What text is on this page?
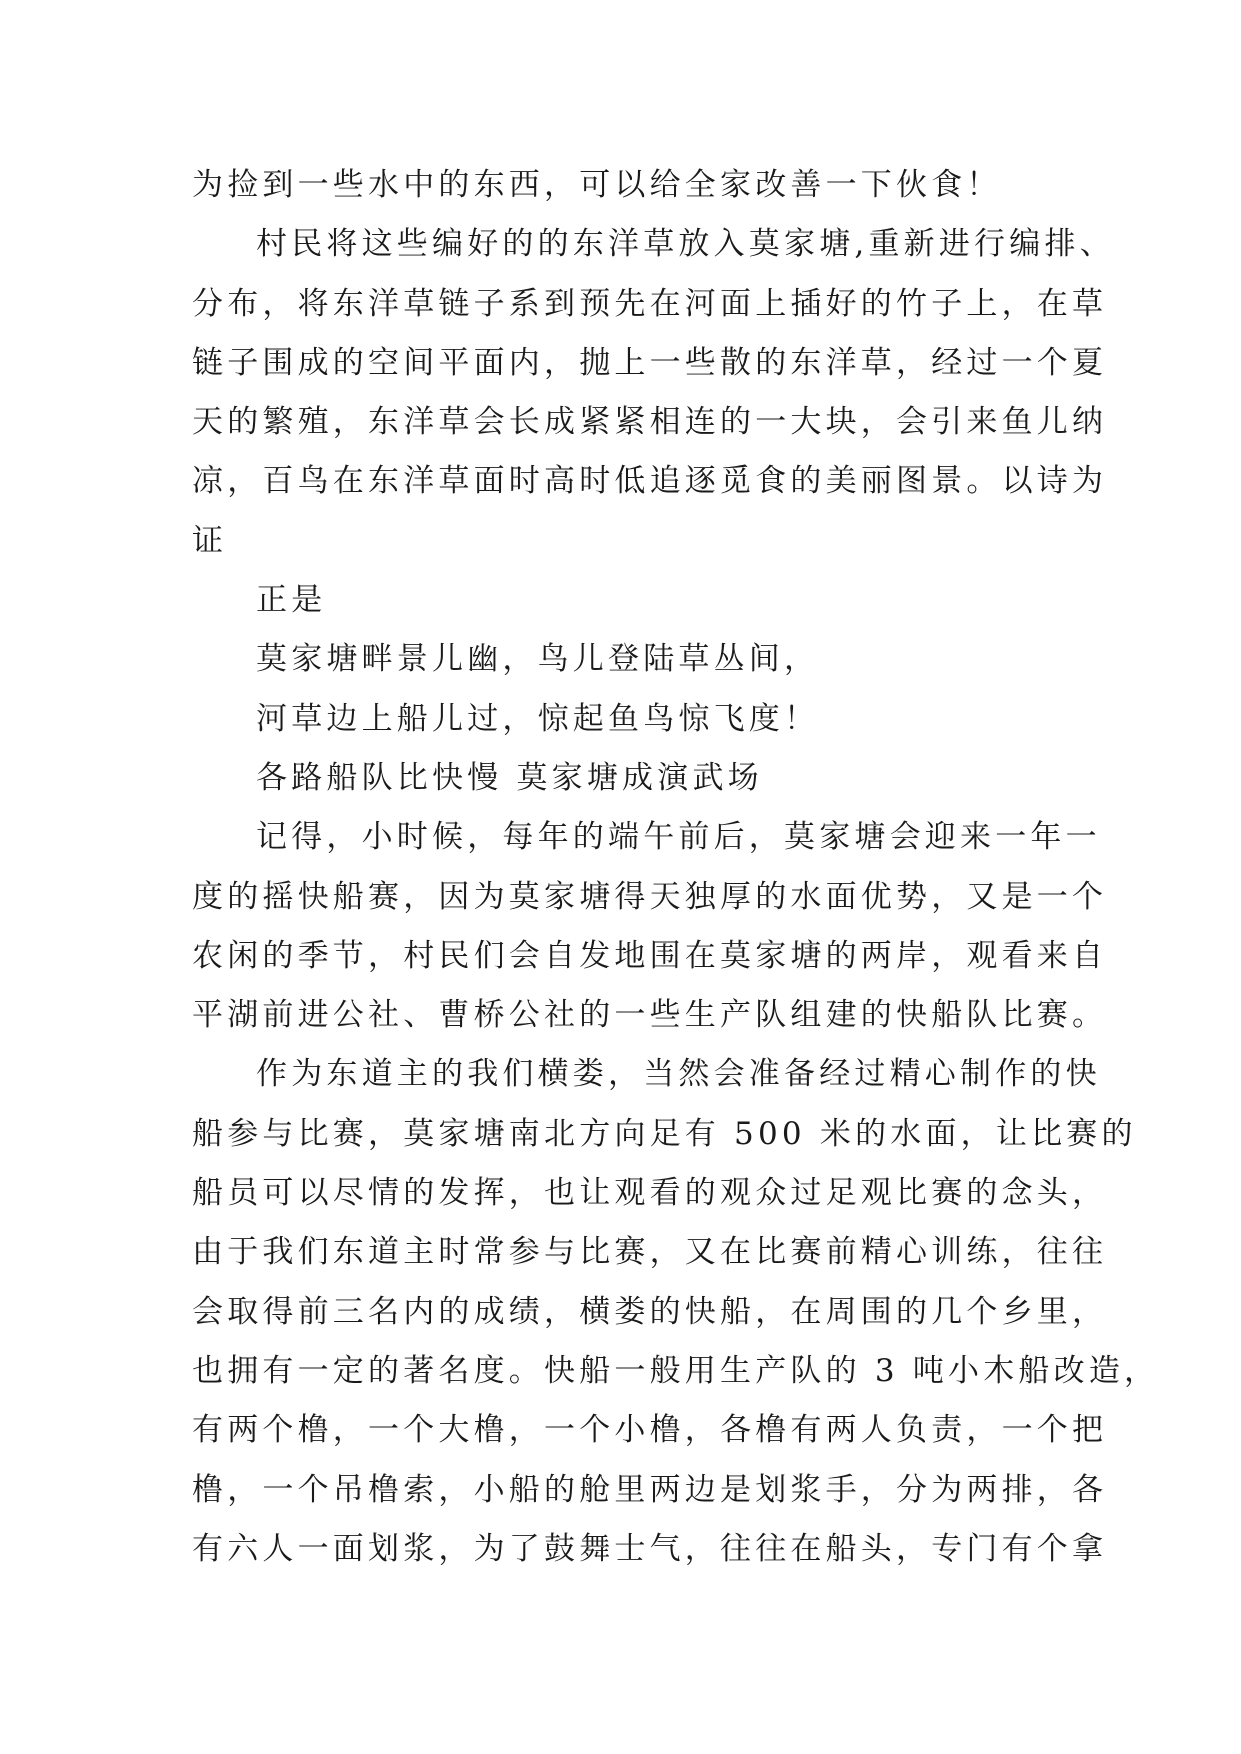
为捡到一些水中的东西，可以给全家改善一下伙食！

村民将这些编好的的东洋草放入莫家塘,重新进行编排、

分布，将东洋草链子系到预先在河面上插好的竹子上，在草

链子围成的空间平面内，抛上一些散的东洋草，经过一个夏

天的繁殖，东洋草会长成紧紧相连的一大块，会引来鱼儿纳

凉，百鸟在东洋草面时高时低追逐觅食的美丽图景。以诗为

证

正是

莫家塘畔景儿幽，鸟儿登陆草丛间，

河草边上船儿过，惊起鱼鸟惊飞度！

各路船队比快慢 莫家塘成演武场

记得，小时候，每年的端午前后，莫家塘会迎来一年一

度的摇快船赛，因为莫家塘得天独厚的水面优势，又是一个

农闲的季节，村民们会自发地围在莫家塘的两岸，观看来自

平湖前进公社、曹桥公社的一些生产队组建的快船队比赛。

作为东道主的我们横娄，当然会准备经过精心制作的快

船参与比赛，莫家塘南北方向足有 500 米的水面，让比赛的

船员可以尽情的发挥，也让观看的观众过足观比赛的念头，

由于我们东道主时常参与比赛，又在比赛前精心训练，往往

会取得前三名内的成绩，横娄的快船，在周围的几个乡里，

也拥有一定的著名度。快船一般用生产队的 3 吨小木船改造，

有两个橹，一个大橹，一个小橹，各橹有两人负责，一个把

橹，一个吊橹索，小船的舱里两边是划浆手，分为两排，各

有六人一面划浆，为了鼓舞士气，往往在船头，专门有个拿
